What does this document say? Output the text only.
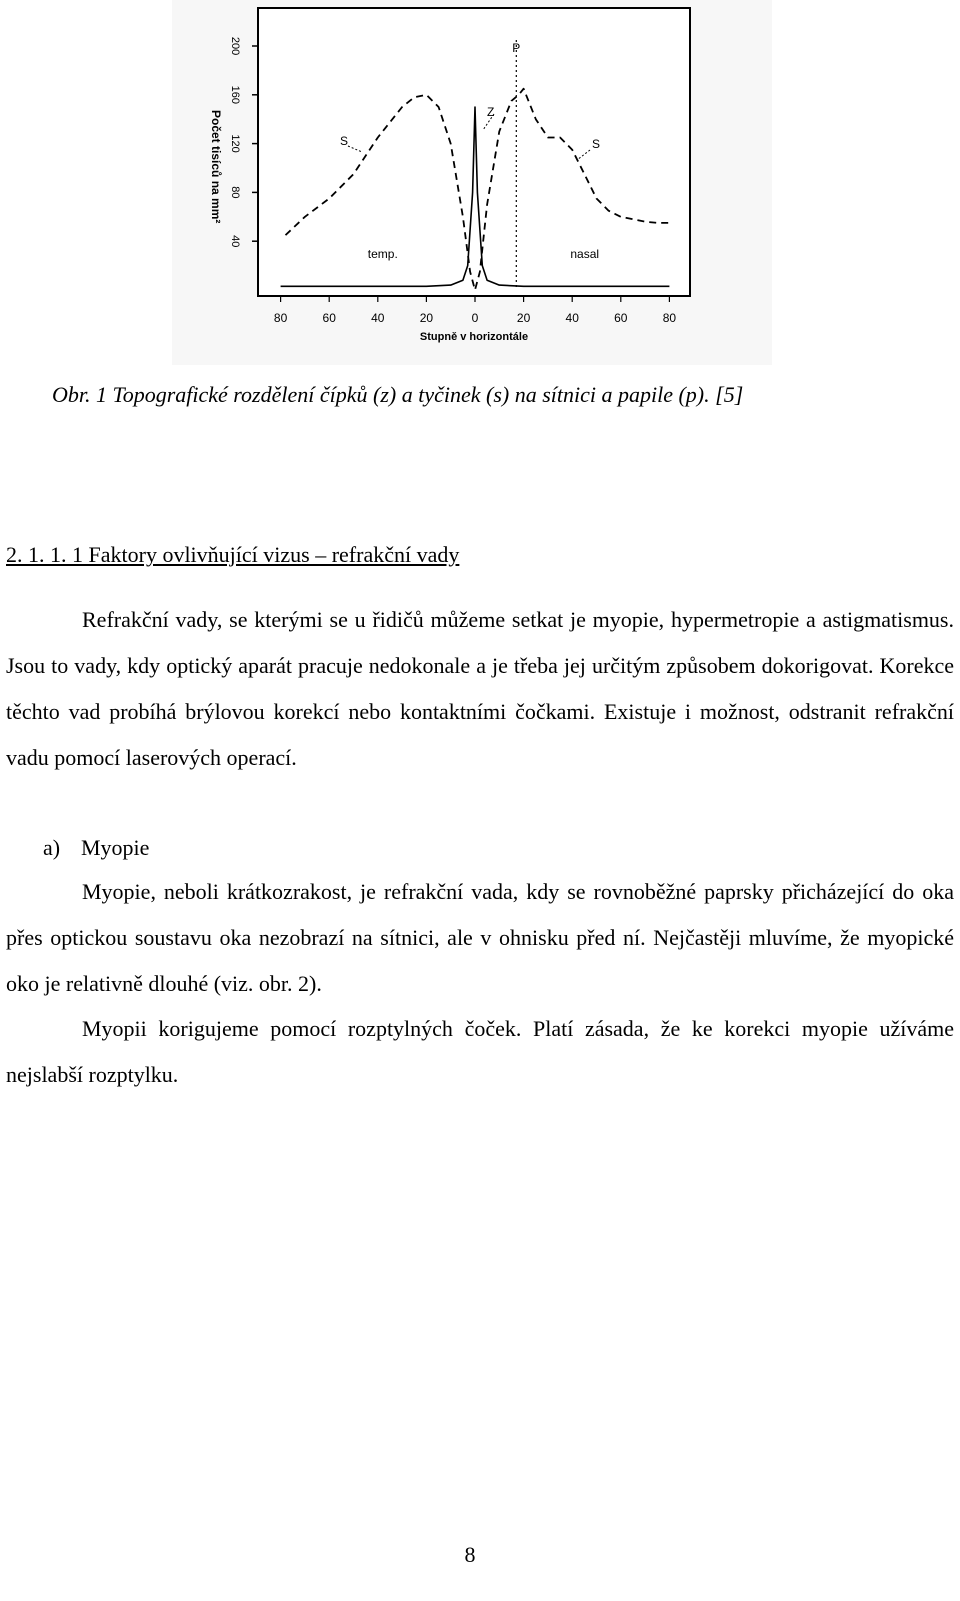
40
80
120
160
200
80	60	40	20	0	20	40	60	80
P
Z
S	S
temp.	nasal
Počet tisíců na mm²
Stupně v horizontále
Obr. 1 Topografické rozdělení čípků (z) a tyčinek (s) na sítnici a papile (p). [5]
2. 1. 1. 1 Faktory ovlivňující vizus – refrakční vady

Refrakční vady, se kterými se u řidičů můžeme setkat je myopie, hypermetropie a astigmatismus. Jsou to vady, kdy optický aparát pracuje nedokonale a je třeba jej určitým způsobem dokorigovat. Korekce těchto vad probíhá brýlovou korekcí nebo kontaktními čočkami. Existuje i možnost, odstranit refrakční vadu pomocí laserových operací.

a) Myopie

Myopie, neboli krátkozrakost, je refrakční vada, kdy se rovnoběžné paprsky přicházející do oka přes optickou soustavu oka nezobrazí na sítnici, ale v ohnisku před ní. Nejčastěji mluvíme, že myopické oko je relativně dlouhé (viz. obr. 2).

Myopii korigujeme pomocí rozptylných čoček. Platí zásada, že ke korekci myopie užíváme nejslabší rozptylku.

8
